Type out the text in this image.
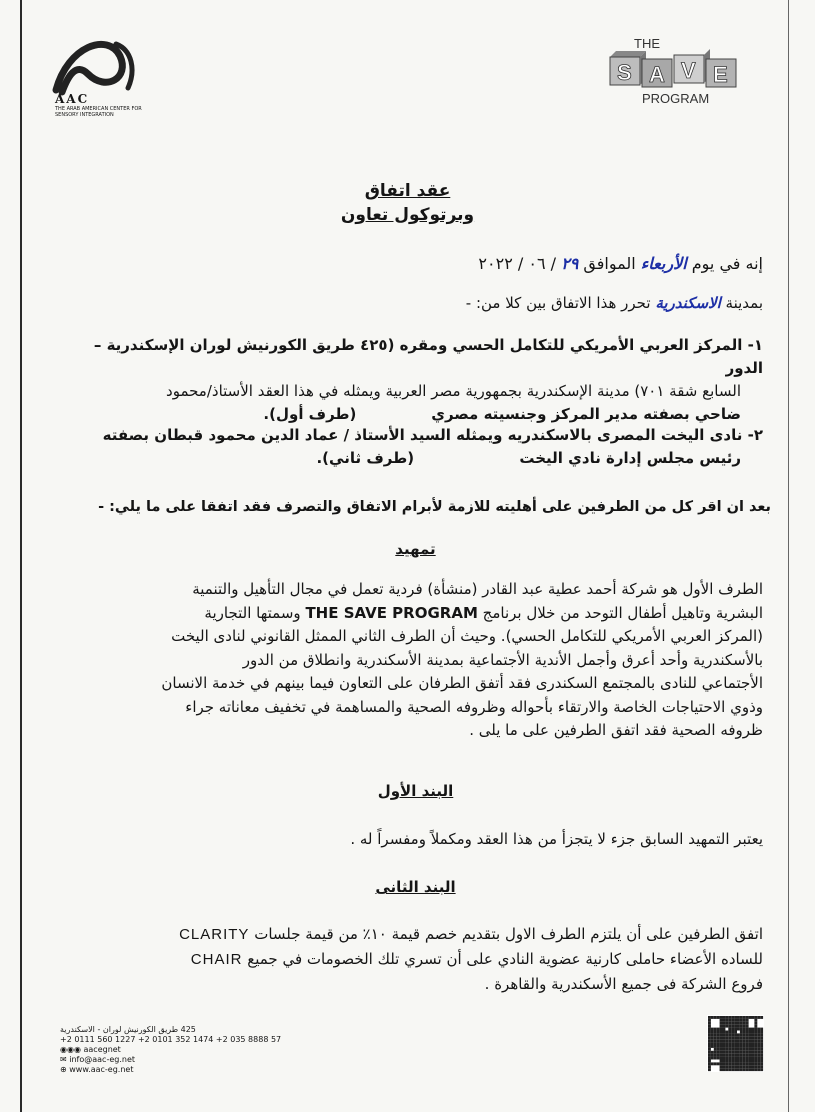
AAC
THE ARAB AMERICAN CENTER FOR SENSORY INTEGRATION
THE
S A V E
PROGRAM
عقد اتفاق
وبرتوكول تعاون
إنه في يوم الأربعاء الموافق ٢٩ / ٠٦ / ٢٠٢٢
بمدينة الاسكندرية تحرر هذا الاتفاق بين كلا من: -
١- المركز العربي الأمريكي للتكامل الحسي ومقره (٤٢٥ طريق الكورنيش لوران الإسكندرية – الدور
السابع شقة ٧٠١) مدينة الإسكندرية بجمهورية مصر العربية ويمثله في هذا العقد الأستاذ/محمود
ضاحي بصفته مدير المركز وجنسيته مصري (طرف أول).
٢- نادى اليخت المصرى بالاسكندريه ويمثله السيد الأستاذ / عماد الدين محمود قبطان بصفته
رئيس مجلس إدارة نادي اليخت (طرف ثاني).
بعد ان اقر كل من الطرفين على أهليته للازمة لأبرام الاتفاق والتصرف فقد اتفقا على ما يلي: -
تمهيد
الطرف الأول هو شركة أحمد عطية عبد القادر (منشأة) فردية تعمل في مجال التأهيل والتنمية
البشرية وتاهيل أطفال التوحد من خلال برنامج THE SAVE PROGRAM وسمتها التجارية
(المركز العربي الأمريكي للتكامل الحسي). وحيث أن الطرف الثاني الممثل القانوني لنادى اليخت
بالأسكندرية وأحد أعرق وأجمل الأندية الأجتماعية بمدينة الأسكندرية وانطلاق من الدور
الأجتماعي للنادى بالمجتمع السكندرى فقد أتفق الطرفان على التعاون فيما بينهم في خدمة الانسان
وذوي الاحتياجات الخاصة والارتقاء بأحواله وظروفه الصحية والمساهمة في تخفيف معاناته جراء
ظروفه الصحية فقد اتفق الطرفين على ما يلى .
البند الأول
يعتبر التمهيد السابق جزء لا يتجزأ من هذا العقد ومكملاً ومفسراً له .
البند الثانى
اتفق الطرفين على أن يلتزم الطرف الاول بتقديم خصم قيمة ١٠٪ من قيمة جلسات CLARITY
للساده الأعضاء حاملى كارنية عضوية النادي على أن تسري تلك الخصومات في جميع CHAIR
فروع الشركة فى جميع الأسكندرية والقاهرة .
425 طريق الكورنيش لوران - الاسكندرية
+2 0111 560 1227 +2 0101 352 1474 +2 035 8888 57
◉◉◉ aacegnet
✉ info@aac-eg.net
⊕ www.aac-eg.net
